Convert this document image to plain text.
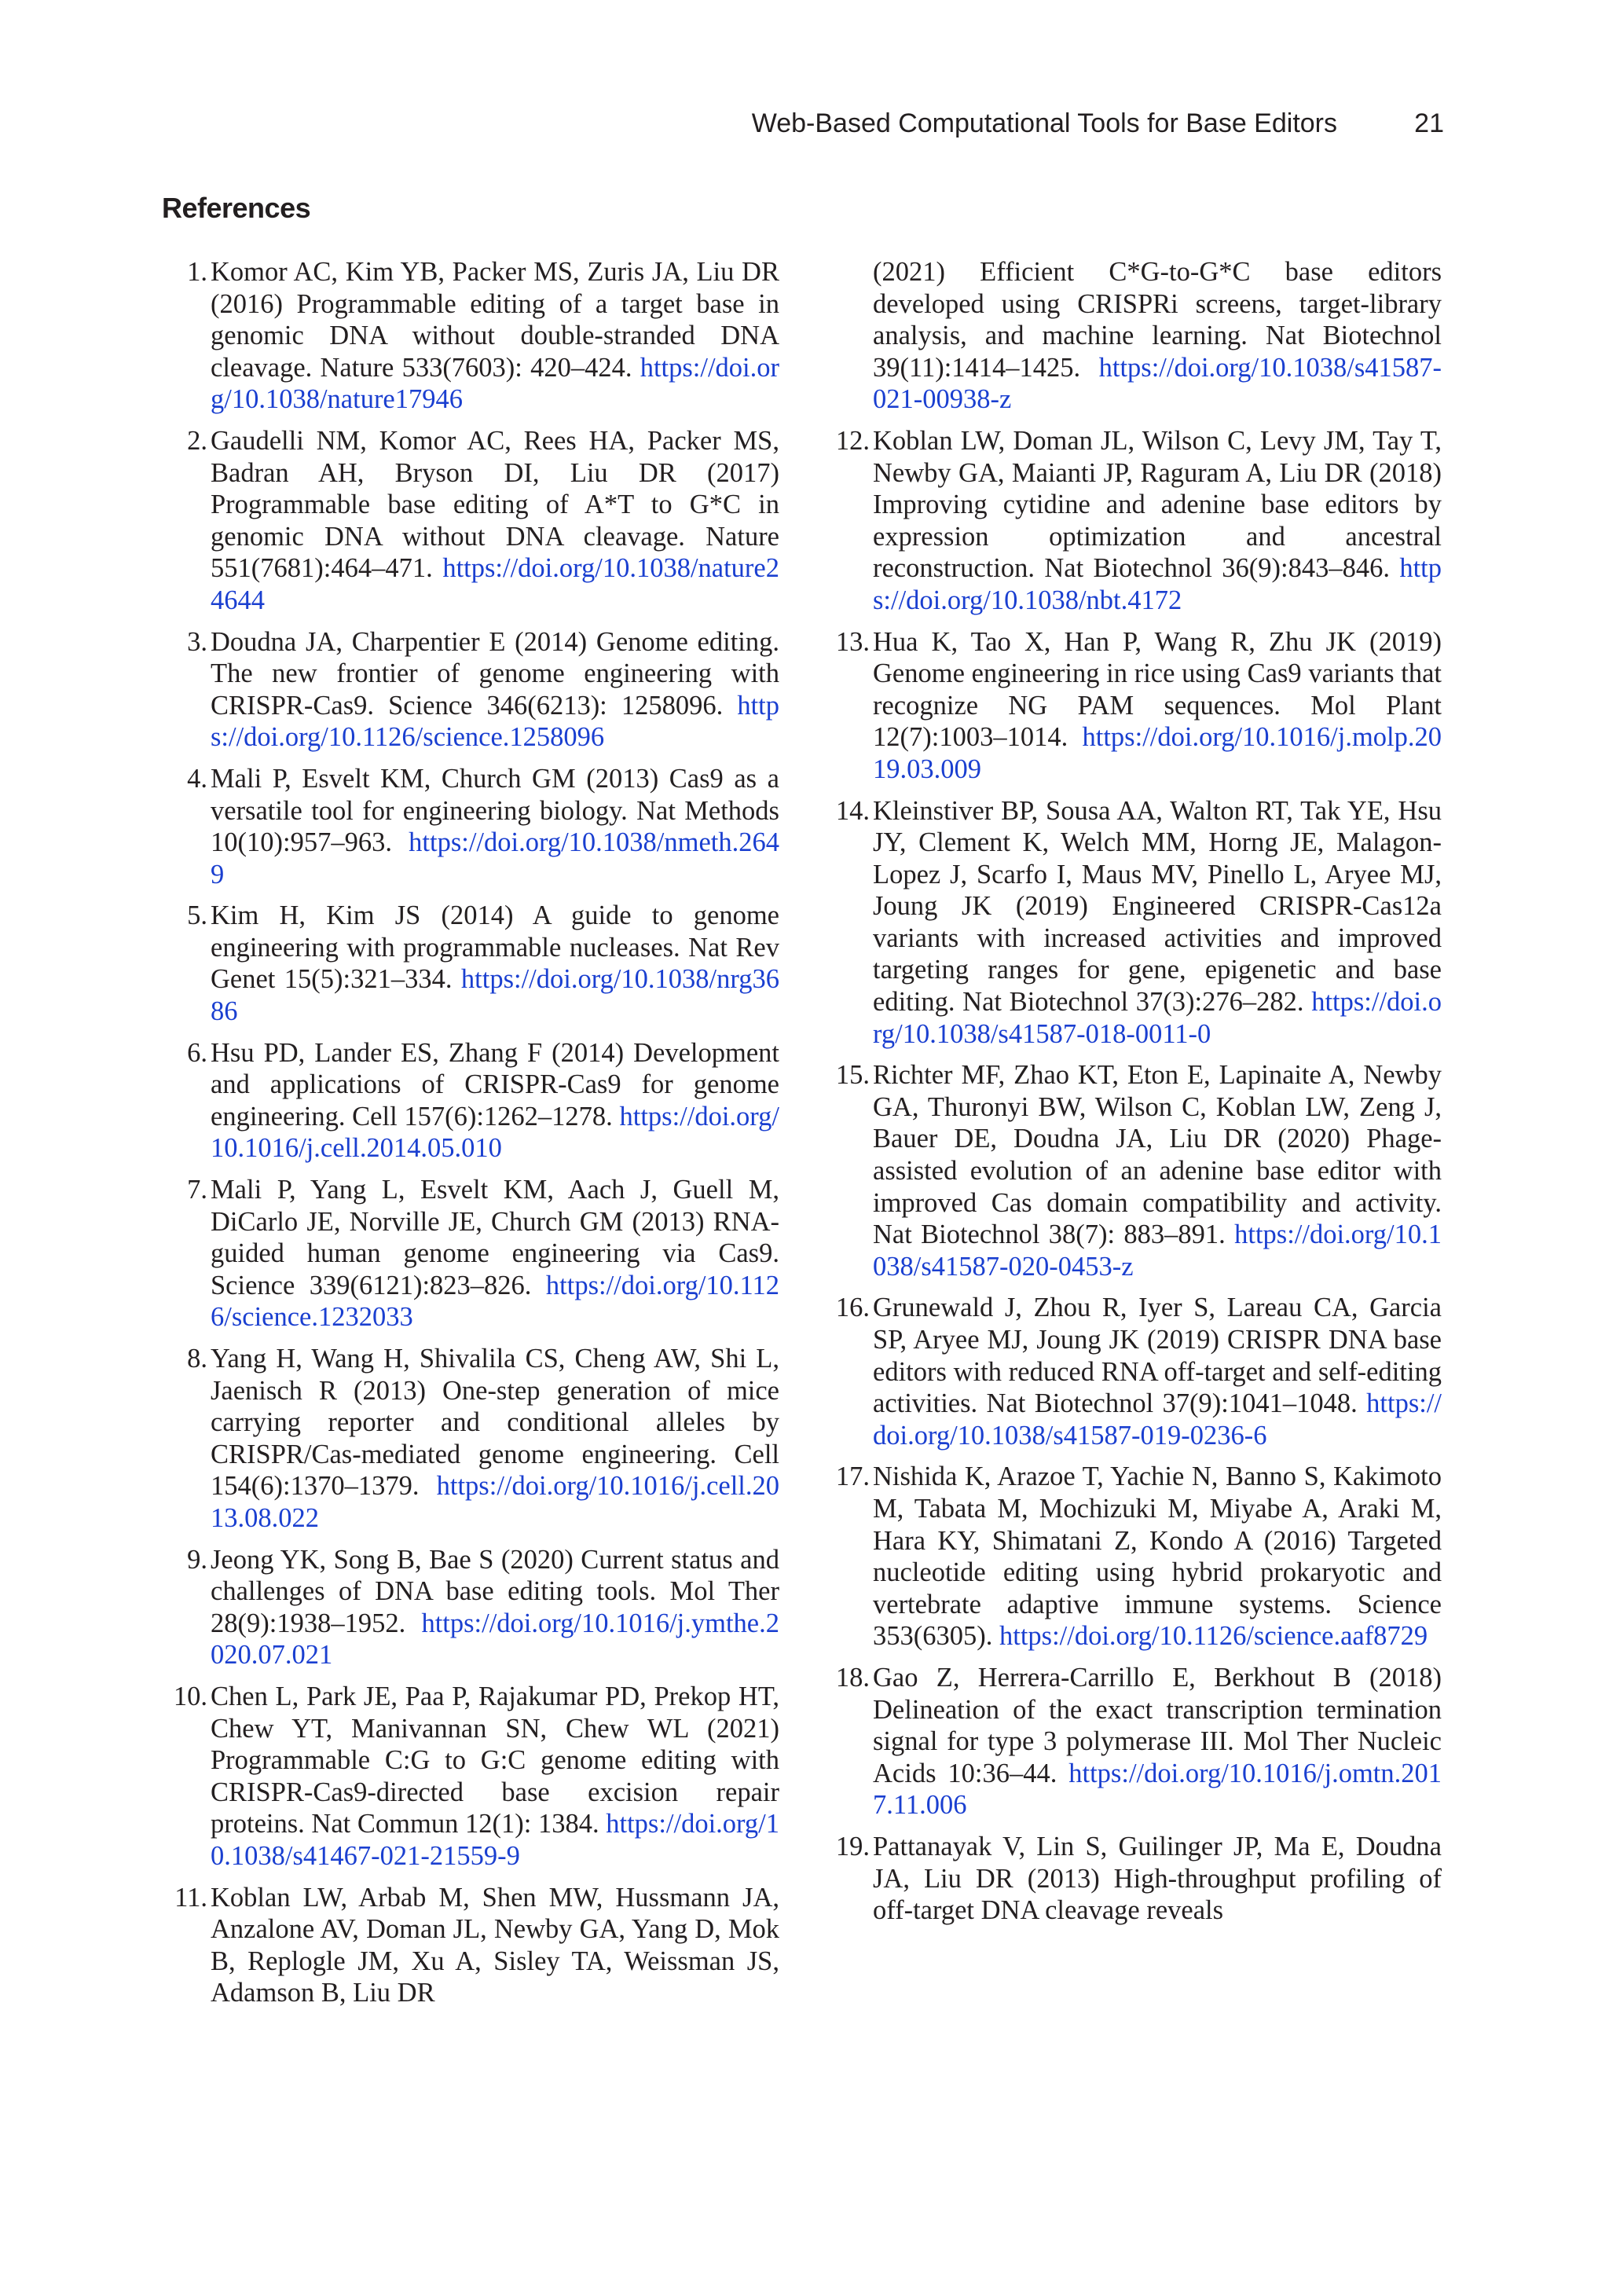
Web-Based Computational Tools for Base Editors	21
References
1. Komor AC, Kim YB, Packer MS, Zuris JA, Liu DR (2016) Programmable editing of a target base in genomic DNA without double-stranded DNA cleavage. Nature 533(7603): 420–424. https://doi.org/10.1038/nature17946
2. Gaudelli NM, Komor AC, Rees HA, Packer MS, Badran AH, Bryson DI, Liu DR (2017) Programmable base editing of A*T to G*C in genomic DNA without DNA cleavage. Nature 551(7681):464–471. https://doi.org/10.1038/nature24644
3. Doudna JA, Charpentier E (2014) Genome editing. The new frontier of genome engineering with CRISPR-Cas9. Science 346(6213): 1258096. https://doi.org/10.1126/science.1258096
4. Mali P, Esvelt KM, Church GM (2013) Cas9 as a versatile tool for engineering biology. Nat Methods 10(10):957–963. https://doi.org/10.1038/nmeth.2649
5. Kim H, Kim JS (2014) A guide to genome engineering with programmable nucleases. Nat Rev Genet 15(5):321–334. https://doi.org/10.1038/nrg3686
6. Hsu PD, Lander ES, Zhang F (2014) Development and applications of CRISPR-Cas9 for genome engineering. Cell 157(6):1262–1278. https://doi.org/10.1016/j.cell.2014.05.010
7. Mali P, Yang L, Esvelt KM, Aach J, Guell M, DiCarlo JE, Norville JE, Church GM (2013) RNA-guided human genome engineering via Cas9. Science 339(6121):823–826. https://doi.org/10.1126/science.1232033
8. Yang H, Wang H, Shivalila CS, Cheng AW, Shi L, Jaenisch R (2013) One-step generation of mice carrying reporter and conditional alleles by CRISPR/Cas-mediated genome engineering. Cell 154(6):1370–1379. https://doi.org/10.1016/j.cell.2013.08.022
9. Jeong YK, Song B, Bae S (2020) Current status and challenges of DNA base editing tools. Mol Ther 28(9):1938–1952. https://doi.org/10.1016/j.ymthe.2020.07.021
10. Chen L, Park JE, Paa P, Rajakumar PD, Prekop HT, Chew YT, Manivannan SN, Chew WL (2021) Programmable C:G to G:C genome editing with CRISPR-Cas9-directed base excision repair proteins. Nat Commun 12(1): 1384. https://doi.org/10.1038/s41467-021-21559-9
11. Koblan LW, Arbab M, Shen MW, Hussmann JA, Anzalone AV, Doman JL, Newby GA, Yang D, Mok B, Replogle JM, Xu A, Sisley TA, Weissman JS, Adamson B, Liu DR
(2021) Efficient C*G-to-G*C base editors developed using CRISPRi screens, target-library analysis, and machine learning. Nat Biotechnol 39(11):1414–1425. https://doi.org/10.1038/s41587-021-00938-z
12. Koblan LW, Doman JL, Wilson C, Levy JM, Tay T, Newby GA, Maianti JP, Raguram A, Liu DR (2018) Improving cytidine and adenine base editors by expression optimization and ancestral reconstruction. Nat Biotechnol 36(9):843–846. https://doi.org/10.1038/nbt.4172
13. Hua K, Tao X, Han P, Wang R, Zhu JK (2019) Genome engineering in rice using Cas9 variants that recognize NG PAM sequences. Mol Plant 12(7):1003–1014. https://doi.org/10.1016/j.molp.2019.03.009
14. Kleinstiver BP, Sousa AA, Walton RT, Tak YE, Hsu JY, Clement K, Welch MM, Horng JE, Malagon-Lopez J, Scarfo I, Maus MV, Pinello L, Aryee MJ, Joung JK (2019) Engineered CRISPR-Cas12a variants with increased activities and improved targeting ranges for gene, epigenetic and base editing. Nat Biotechnol 37(3):276–282. https://doi.org/10.1038/s41587-018-0011-0
15. Richter MF, Zhao KT, Eton E, Lapinaite A, Newby GA, Thuronyi BW, Wilson C, Koblan LW, Zeng J, Bauer DE, Doudna JA, Liu DR (2020) Phage-assisted evolution of an adenine base editor with improved Cas domain compatibility and activity. Nat Biotechnol 38(7): 883–891. https://doi.org/10.1038/s41587-020-0453-z
16. Grunewald J, Zhou R, Iyer S, Lareau CA, Garcia SP, Aryee MJ, Joung JK (2019) CRISPR DNA base editors with reduced RNA off-target and self-editing activities. Nat Biotechnol 37(9):1041–1048. https://doi.org/10.1038/s41587-019-0236-6
17. Nishida K, Arazoe T, Yachie N, Banno S, Kakimoto M, Tabata M, Mochizuki M, Miyabe A, Araki M, Hara KY, Shimatani Z, Kondo A (2016) Targeted nucleotide editing using hybrid prokaryotic and vertebrate adaptive immune systems. Science 353(6305). https://doi.org/10.1126/science.aaf8729
18. Gao Z, Herrera-Carrillo E, Berkhout B (2018) Delineation of the exact transcription termination signal for type 3 polymerase III. Mol Ther Nucleic Acids 10:36–44. https://doi.org/10.1016/j.omtn.2017.11.006
19. Pattanayak V, Lin S, Guilinger JP, Ma E, Doudna JA, Liu DR (2013) High-throughput profiling of off-target DNA cleavage reveals
